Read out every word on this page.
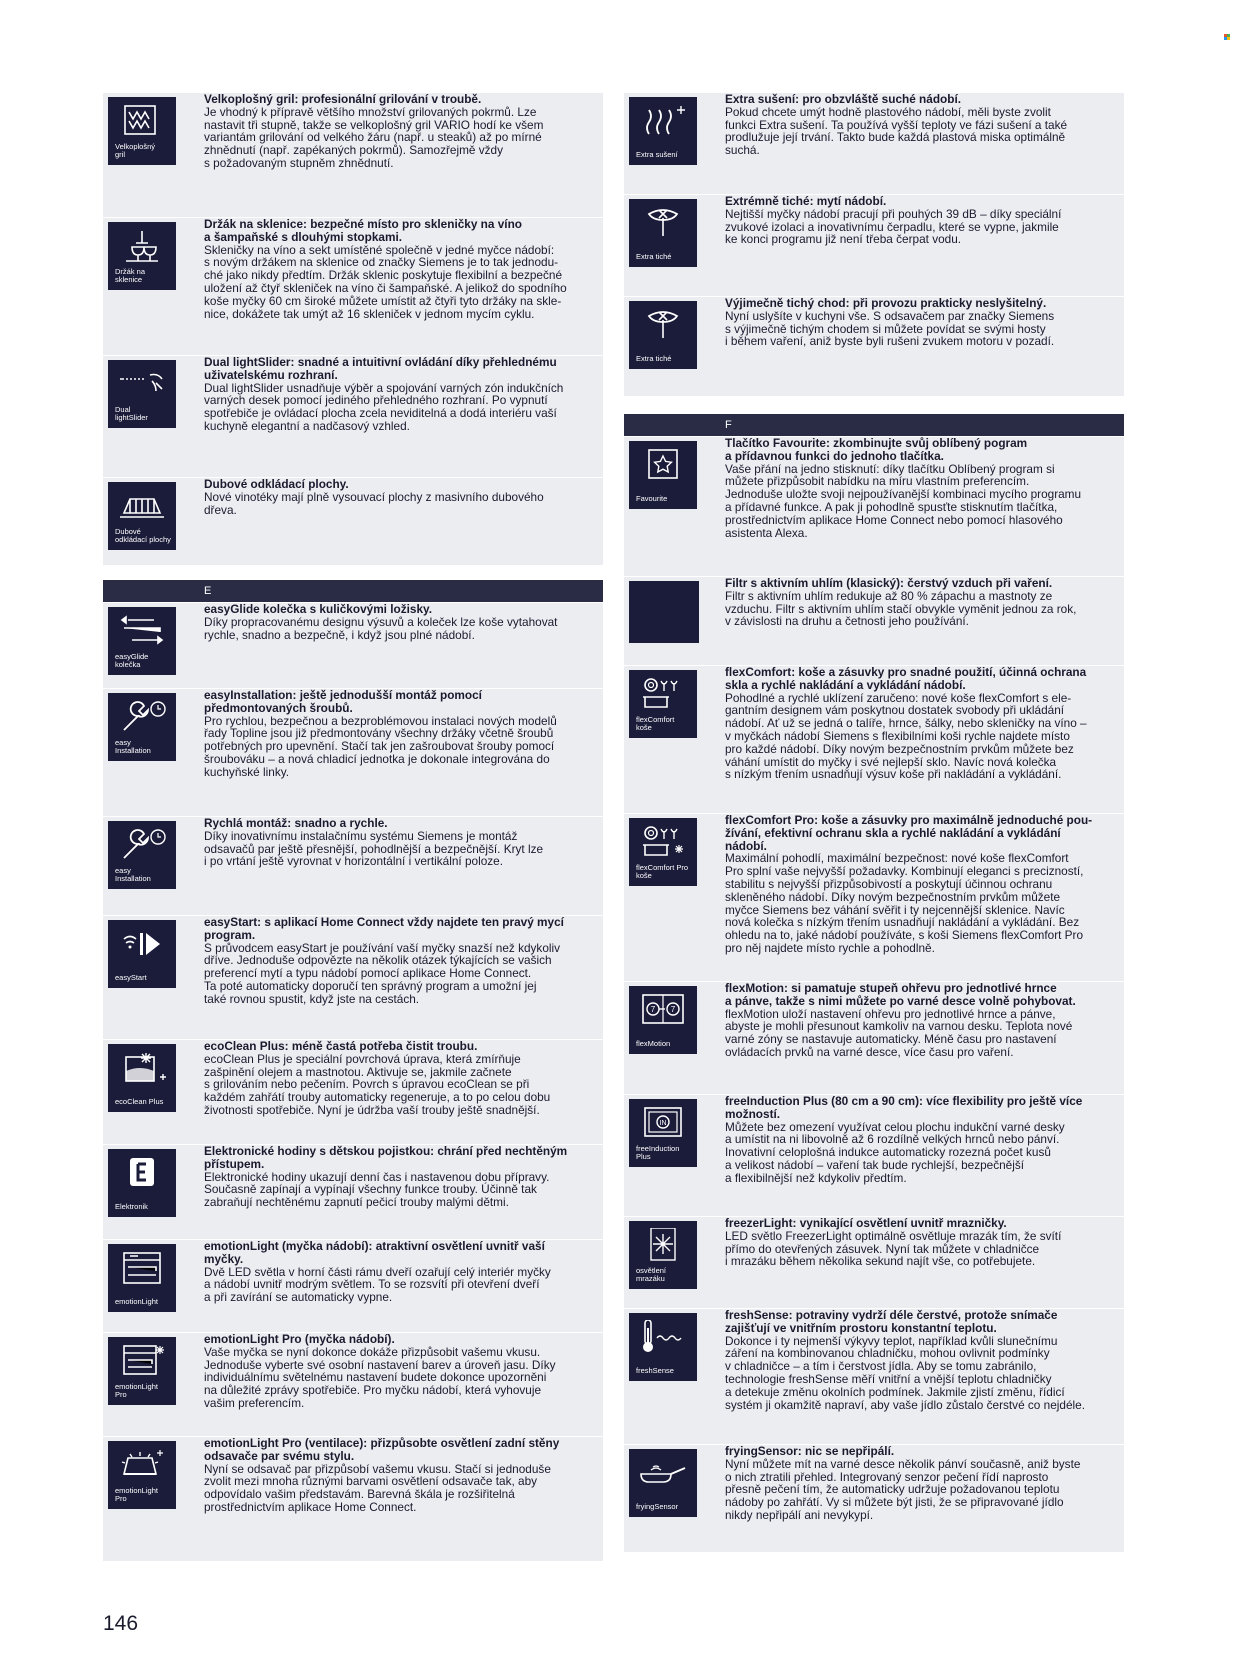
Velkoplošný
gril

Velkoplošný gril: profesionální grilování v troubě.

Je vhodný k přípravě většího množství grilovaných pokrmů. Lze
nastavit tři stupně, takže se velkoplošný gril VARIO hodí ke všem
variantám grilování od velkého žáru (např. u steaků) až po mírné
zhnědnutí (např. zapékaných pokrmů). Samozřejmě vždy
s požadovaným stupněm zhnědnutí.

Držák na sklenice

Držák na sklenice: bezpečné místo pro skleničky na víno
a šampaňské s dlouhými stopkami.

Skleničky na víno a sekt umístěné společně v jedné myčce nádobí:
s novým držákem na sklenice od značky Siemens je to tak jednodu-
ché jako nikdy předtím. Držák sklenic poskytuje flexibilní a bezpečné
uložení až čtyř skleniček na víno či šampaňské. A jelikož do spodního
koše myčky 60 cm široké můžete umístit až čtyři tyto držáky na skle-
nice, dokážete tak umýt až 16 skleniček v jednom mycím cyklu.

Dual
lightSlider

Dual lightSlider: snadné a intuitivní ovládání díky přehlednému
uživatelskému rozhraní.

Dual lightSlider usnadňuje výběr a spojování varných zón indukčních
varných desek pomocí jediného přehledného rozhraní. Po vypnutí
spotřebiče je ovládací plocha zcela neviditelná a dodá interiéru vaší
kuchyně elegantní a nadčasový vzhled.

Dubové
odkládací plochy

Dubové odkládací plochy.

Nové vinotéky mají plně vysouvací plochy z masivního dubového
dřeva.

E
easyGlide
kolečka

easyGlide kolečka s kuličkovými ložisky.

Díky propracovanému designu výsuvů a koleček lze koše vytahovat
rychle, snadno a bezpečně, i když jsou plné nádobí.

easy
Installation

easyInstallation: ještě jednodušší montáž pomocí
předmontovaných šroubů.

Pro rychlou, bezpečnou a bezproblémovou instalaci nových modelů
řady Topline jsou již předmontovány všechny držáky včetně šroubů
potřebných pro upevnění. Stačí tak jen zašroubovat šrouby pomocí
šroubováku – a nová chladicí jednotka je dokonale integrována do
kuchyňské linky.

easy
Installation

Rychlá montáž: snadno a rychle.

Díky inovativnímu instalačnímu systému Siemens je montáž
odsavačů par ještě přesnější, pohodlnější a bezpečnější. Kryt lze
i po vrtání ještě vyrovnat v horizontální i vertikální poloze.

easyStart

easyStart: s aplikací Home Connect vždy najdete ten pravý mycí
program.

S průvodcem easyStart je používání vaší myčky snazší než kdykoliv
dříve. Jednoduše odpovězte na několik otázek týkajících se vašich
preferencí mytí a typu nádobí pomocí aplikace Home Connect.
Ta poté automaticky doporučí ten správný program a umožní jej
také rovnou spustit, když jste na cestách.

ecoClean Plus

ecoClean Plus: méně častá potřeba čistit troubu.

ecoClean Plus je speciální povrchová úprava, která zmírňuje
zašpinění olejem a mastnotou. Aktivuje se, jakmile začnete
s grilováním nebo pečením. Povrch s úpravou ecoClean se při
každém zahřátí trouby automaticky regeneruje, a to po celou dobu
životnosti spotřebiče. Nyní je údržba vaší trouby ještě snadnější.

Elektronik

Elektronické hodiny s dětskou pojistkou: chrání před nechtěným
přístupem.

Elektronické hodiny ukazují denní čas i nastavenou dobu přípravy.
Současně zapínají a vypínají všechny funkce trouby. Účinně tak
zabraňují nechtěnému zapnutí pečicí trouby malými dětmi.

emotionLight

emotionLight (myčka nádobí): atraktivní osvětlení uvnitř vaší
myčky.

Dvě LED světla v horní části rámu dveří ozařují celý interiér myčky
a nádobí uvnitř modrým světlem. To se rozsvítí při otevření dveří
a při zavírání se automaticky vypne.

emotionLight
Pro

emotionLight Pro (myčka nádobí).

Vaše myčka se nyní dokonce dokáže přizpůsobit vašemu vkusu.
Jednoduše vyberte své osobní nastavení barev a úroveň jasu. Díky
individuálnímu světelnému nastavení budete dokonce upozorněni
na důležité zprávy spotřebiče. Pro myčku nádobí, která vyhovuje
vašim preferencím.

emotionLight
Pro

emotionLight Pro (ventilace): přizpůsobte osvětlení zadní stěny
odsavače par svému stylu.

Nyní se odsavač par přizpůsobí vašemu vkusu. Stačí si jednoduše
zvolit mezi mnoha různými barvami osvětlení odsavače tak, aby
odpovídalo vašim představám. Barevná škála je rozšiřitelná
prostřednictvím aplikace Home Connect.

Extra sušení

Extra sušení: pro obzvláště suché nádobí.

Pokud chcete umýt hodně plastového nádobí, měli byste zvolit
funkci Extra sušení. Ta používá vyšší teploty ve fázi sušení a také
prodlužuje její trvání. Takto bude každá plastová miska optimálně
suchá.

Extra tiché

Extrémně tiché: mytí nádobí.

Nejtišší myčky nádobí pracují při pouhých 39 dB – díky speciální
zvukové izolaci a inovativnímu čerpadlu, které se vypne, jakmile
ke konci programu již není třeba čerpat vodu.

Extra tiché

Výjimečně tichý chod: při provozu prakticky neslyšitelný.

Nyní uslyšíte v kuchyni vše. S odsavačem par značky Siemens
s výjimečně tichým chodem si můžete povídat se svými hosty
i během vaření, aniž byste byli rušeni zvukem motoru v pozadí.

F
Favourite

Tlačítko Favourite: zkombinujte svůj oblíbený pogram
a přídavnou funkci do jednoho tlačítka.

Vaše přání na jedno stisknutí: díky tlačítku Oblíbený program si
můžete přizpůsobit nabídku na míru vlastním preferencím.
Jednoduše uložte svoji nejpoužívanější kombinaci mycího programu
a přídavné funkce. A pak ji pohodlně spusťte stisknutím tlačítka,
prostřednictvím aplikace Home Connect nebo pomocí hlasového
asistenta Alexa.

Filtr s aktivním uhlím (klasický): čerstvý vzduch při vaření.

Filtr s aktivním uhlím redukuje až 80 % zápachu a mastnoty ze
vzduchu. Filtr s aktivním uhlím stačí obvykle vyměnit jednou za rok,
v závislosti na druhu a četnosti jeho používání.

flexComfort
koše

flexComfort: koše a zásuvky pro snadné použití, účinná ochrana
skla a rychlé nakládání a vykládání nádobí.

Pohodlné a rychlé uklízení zaručeno: nové koše flexComfort s ele-
gantním designem vám poskytnou dostatek svobody při ukládání
nádobí. Ať už se jedná o talíře, hrnce, šálky, nebo skleničky na víno –
v myčkách nádobí Siemens s flexibilními koši rychle najdete místo
pro každé nádobí. Díky novým bezpečnostním prvkům můžete bez
váhání umístit do myčky i své nejlepší sklo. Navíc nová kolečka
s nízkým třením usnadňují výsuv koše při nakládání a vykládání.

flexComfort Pro
koše

flexComfort Pro: koše a zásuvky pro maximálně jednoduché pou-
žívání, efektivní ochranu skla a rychlé nakládání a vykládání
nádobí.

Maximální pohodlí, maximální bezpečnost: nové koše flexComfort
Pro splní vaše nejvyšší požadavky. Kombinují eleganci s precizností,
stabilitu s nejvyšší přizpůsobivostí a poskytují účinnou ochranu
skleněného nádobí. Díky novým bezpečnostním prvkům můžete
myčce Siemens bez váhání svěřit i ty nejcennější sklenice. Navíc
nová kolečka s nízkým třením usnadňují nakládání a vykládání. Bez
ohledu na to, jaké nádobí používáte, s koši Siemens flexComfort Pro
pro něj najdete místo rychle a pohodlně.

7 7
flexMotion

flexMotion: si pamatuje stupeň ohřevu pro jednotlivé hrnce
a pánve, takže s nimi můžete po varné desce volně pohybovat.

flexMotion uloží nastavení ohřevu pro jednotlivé hrnce a pánve,
abyste je mohli přesunout kamkoliv na varnou desku. Teplota nové
varné zóny se nastavuje automaticky. Méně času pro nastavení
ovládacích prvků na varné desce, více času pro vaření.

IN
freeInduction
Plus

freeInduction Plus (80 cm a 90 cm): více flexibility pro ještě více
možností.

Můžete bez omezení využívat celou plochu indukční varné desky
a umístit na ni libovolně až 6 rozdílně velkých hrnců nebo pánví.
Inovativní celoplošná indukce automaticky rozezná počet kusů
a velikost nádobí – vaření tak bude rychlejší, bezpečnější
a flexibilnější než kdykoliv předtím.

osvětlení
mrazáku

freezerLight: vynikající osvětlení uvnitř mrazničky.

LED světlo FreezerLight optimálně osvětluje mrazák tím, že svítí
přímo do otevřených zásuvek. Nyní tak můžete v chladničce
i mrazáku během několika sekund najít vše, co potřebujete.

freshSense

freshSense: potraviny vydrží déle čerstvé, protože snímače
zajišťují ve vnitřním prostoru konstantní teplotu.

Dokonce i ty nejmenší výkyvy teplot, například kvůli slunečnímu
záření na kombinovanou chladničku, mohou ovlivnit podmínky
v chladničce – a tím i čerstvost jídla. Aby se tomu zabránilo,
technologie freshSense měří vnitřní a vnější teplotu chladničky
a detekuje změnu okolních podmínek. Jakmile zjistí změnu, řídicí
systém ji okamžitě napraví, aby vaše jídlo zůstalo čerstvé co nejdéle.

fryingSensor

fryingSensor: nic se nepřipálí.

Nyní můžete mít na varné desce několik pánví současně, aniž byste
o nich ztratili přehled. Integrovaný senzor pečení řídí naprosto
přesně pečení tím, že automaticky udržuje požadovanou teplotu
nádoby po zahřátí. Vy si můžete být jisti, že se připravované jídlo
nikdy nepřipálí ani nevykypí.

146
